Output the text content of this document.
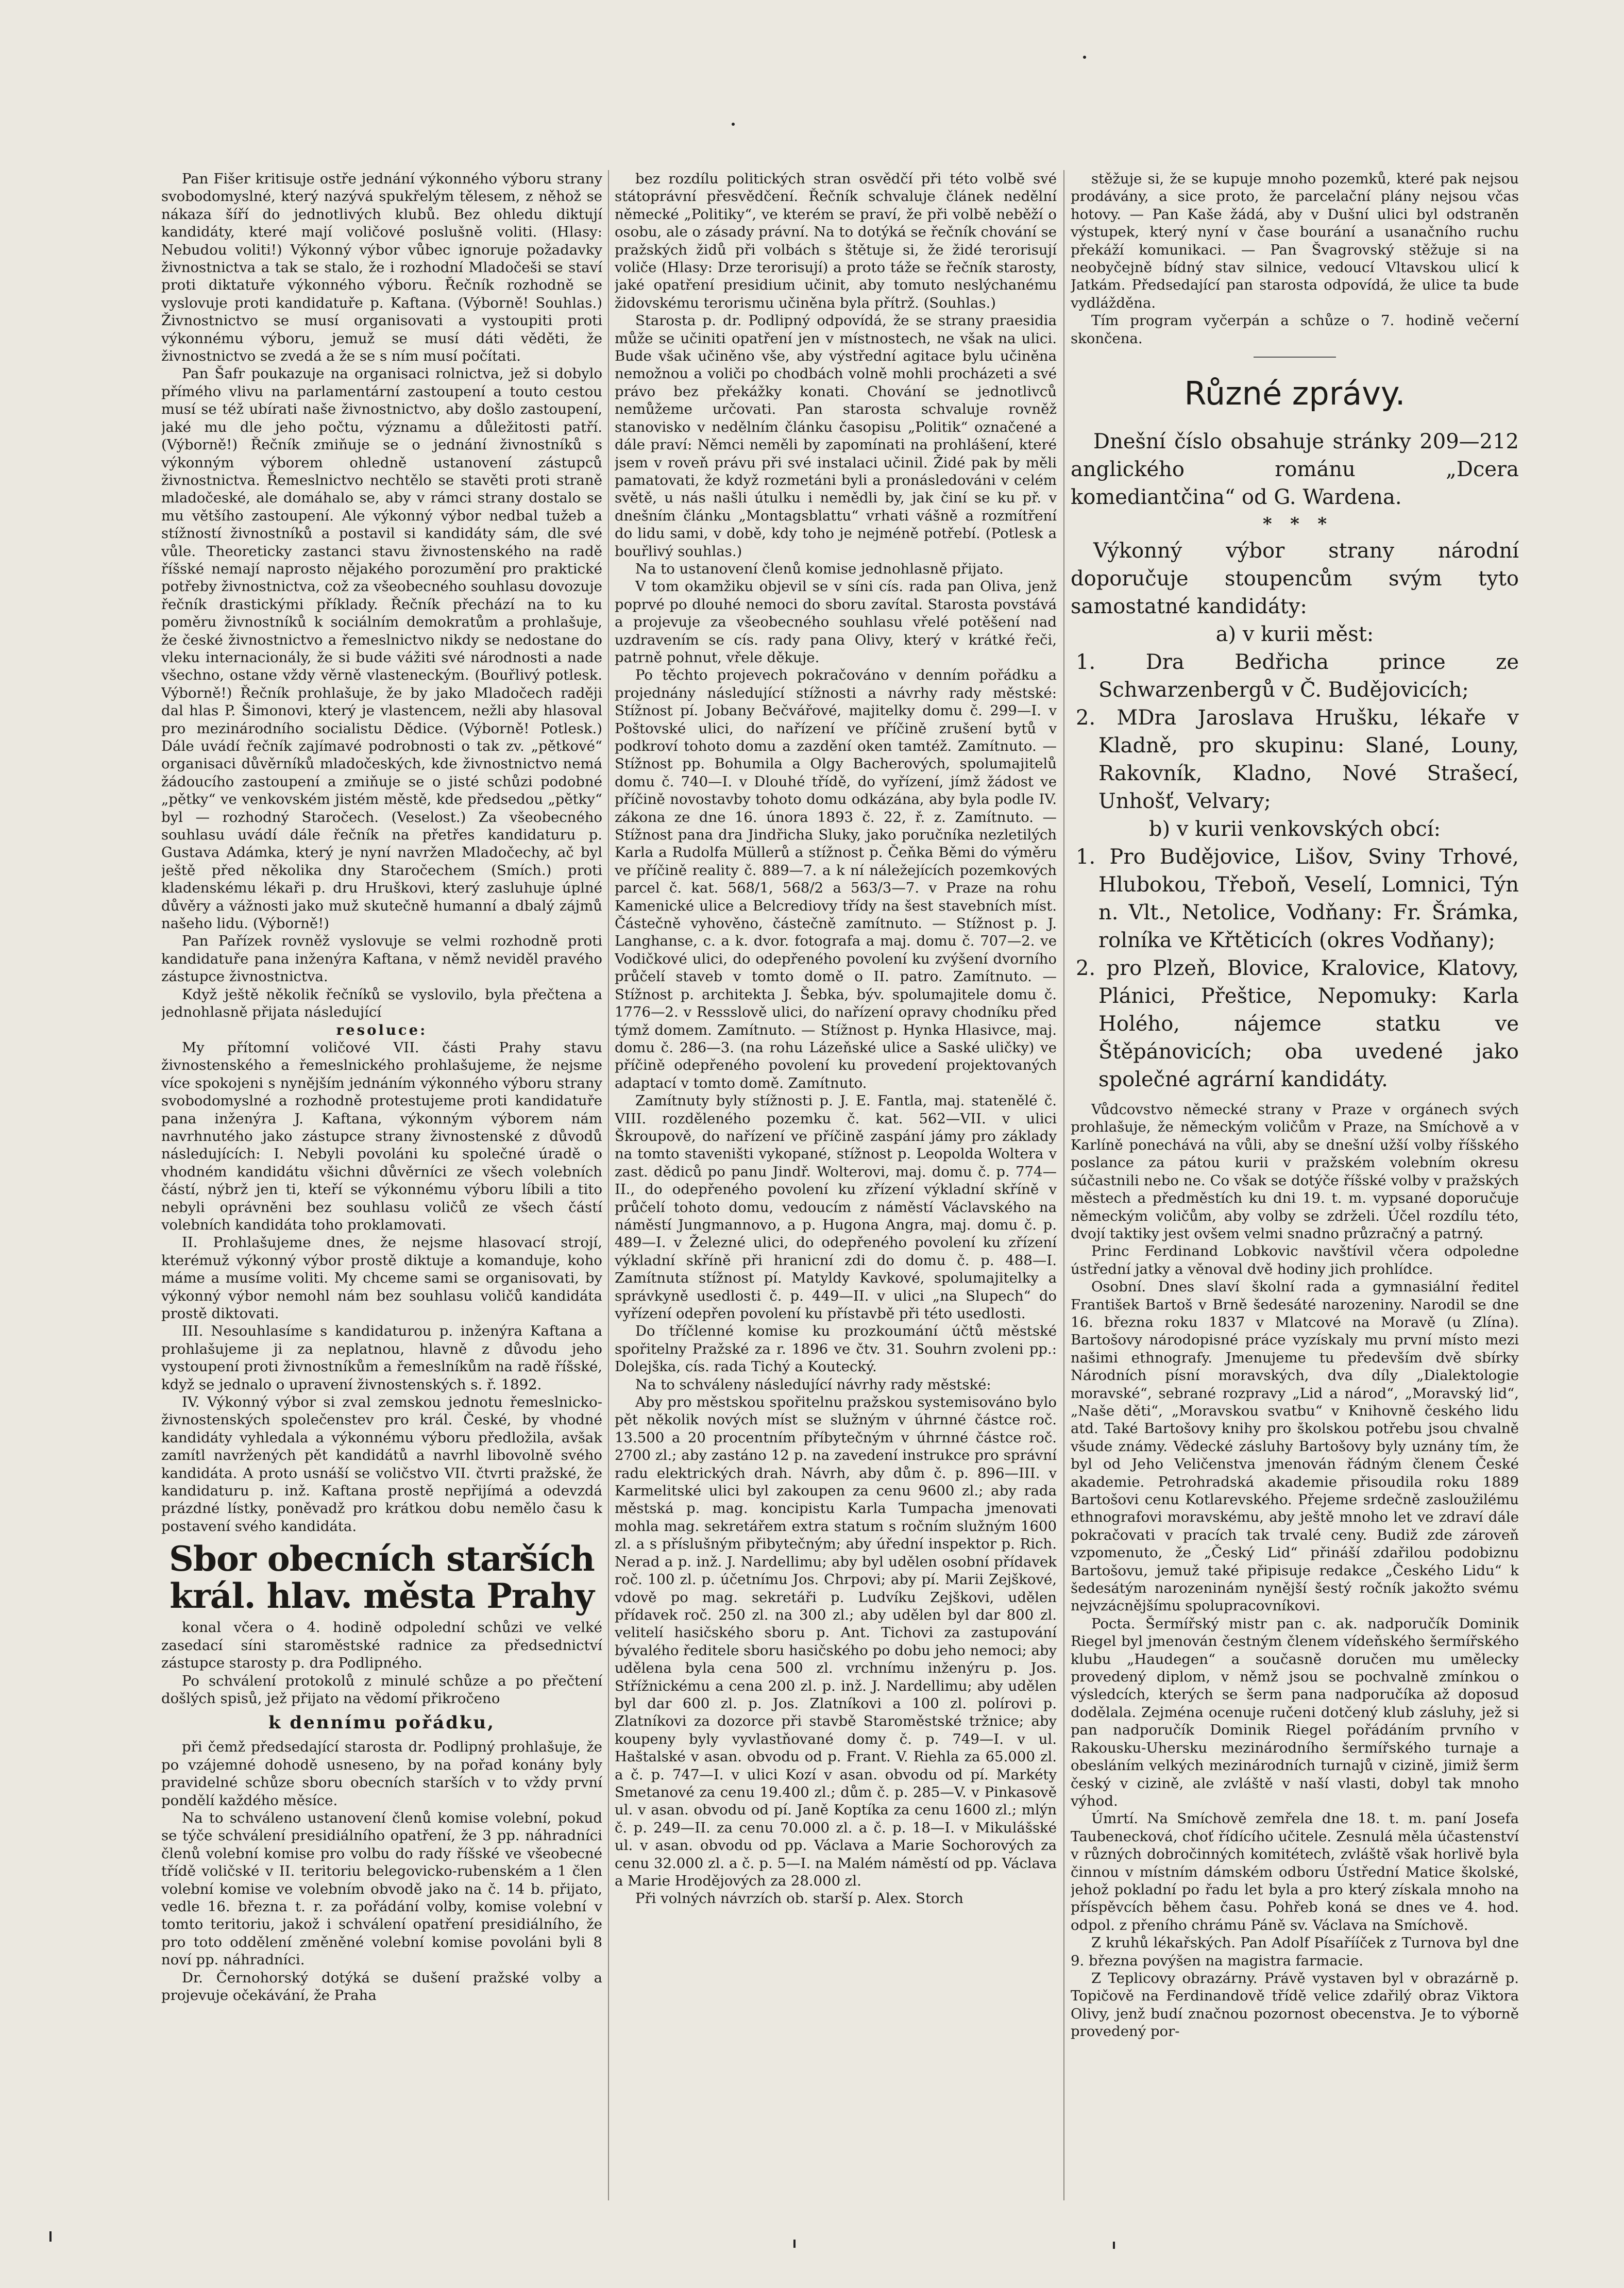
Pan Fišer kritisuje ostře jednání výkonného výboru strany svobodomyslné, který nazývá spukřelým tělesem, z něhož se nákaza šíří do jednotlivých klubů. Bez ohledu diktují kandidáty, které mají voličové poslušně voliti. (Hlasy: Nebudou voliti!) Výkonný výbor vůbec ignoruje požadavky živnostnictva a tak se stalo, že i rozhodní Mladočeši se staví proti diktatuře výkonného výboru. Řečník rozhodně se vyslovuje proti kandidatuře p. Kaftana. (Výborně! Souhlas.) Živnostnictvo se musí organisovati a vystoupiti proti výkonnému výboru, jemuž se musí dáti věděti, že živnostnictvo se zvedá a že se s ním musí počítati.

Pan Šafr poukazuje na organisaci rolnictva, jež si dobylo přímého vlivu na parlamentární zastoupení a touto cestou musí se též ubírati naše živnostnictvo, aby došlo zastoupení, jaké mu dle jeho počtu, významu a důležitosti patří. (Výborně!) Řečník zmiňuje se o jednání živnostníků s výkonným výborem ohledně ustanovení zástupců živnostnictva. Řemeslnictvo nechtělo se stavěti proti straně mladočeské, ale domáhalo se, aby v rámci strany dostalo se mu většího zastoupení. Ale výkonný výbor nedbal tužeb a stížností živnostníků a postavil si kandidáty sám, dle své vůle. Theoreticky zastanci stavu živnostenského na radě říšské nemají naprosto nějakého porozumění pro praktické potřeby živnostnictva, což za všeobecného souhlasu dovozuje řečník drastickými příklady. Řečník přechází na to ku poměru živnostníků k sociálním demokratům a prohlašuje, že české živnostnictvo a řemeslnictvo nikdy se nedostane do vleku internacionály, že si bude vážiti své národnosti a nade všechno, ostane vždy věrně vlasteneckým. (Bouřlivý potlesk. Výborně!) Řečník prohlašuje, že by jako Mladočech raději dal hlas P. Šimonovi, který je vlastencem, nežli aby hlasoval pro mezinárodního socialistu Dědice. (Výborně! Potlesk.) Dále uvádí řečník zajímavé podrobnosti o tak zv. „pětkové“ organisaci důvěrníků mladočeských, kde živnostnictvo nemá žádoucího zastoupení a zmiňuje se o jisté schůzi podobné „pětky“ ve venkovském jistém městě, kde předsedou „pětky“ byl — rozhodný Staročech. (Veselost.) Za všeobecného souhlasu uvádí dále řečník na přetřes kandidaturu p. Gustava Adámka, který je nyní navržen Mladočechy, ač byl ještě před několika dny Staročechem (Smích.) proti kladenskému lékaři p. dru Hruškovi, který zasluhuje úplné důvěry a vážnosti jako muž skutečně humanní a dbalý zájmů našeho lidu. (Výborně!)

Pan Pařízek rovněž vyslovuje se velmi rozhodně proti kandidatuře pana inženýra Kaftana, v němž neviděl pravého zástupce živnostnictva.

Když ještě několik řečníků se vyslovilo, byla přečtena a jednohlasně přijata následující

resoluce:

My přítomní voličové VII. části Prahy stavu živnostenského a řemeslnického prohlašujeme, že nejsme více spokojeni s nynějším jednáním výkonného výboru strany svobodomyslné a rozhodně protestujeme proti kandidatuře pana inženýra J. Kaftana, výkonným výborem nám navrhnutého jako zástupce strany živnostenské z důvodů následujících: I. Nebyli povoláni ku společné úradě o vhodném kandidátu všichni důvěrníci ze všech volebních částí, nýbrž jen ti, kteří se výkonnému výboru líbili a tito nebyli oprávněni bez souhlasu voličů ze všech částí volebních kandidáta toho proklamovati.

II. Prohlašujeme dnes, že nejsme hlasovací strojí, kterémuž výkonný výbor prostě diktuje a komanduje, koho máme a musíme voliti. My chceme sami se organisovati, by výkonný výbor nemohl nám bez souhlasu voličů kandidáta prostě diktovati.

III. Nesouhlasíme s kandidaturou p. inženýra Kaftana a prohlašujeme ji za neplatnou, hlavně z důvodu jeho vystoupení proti živnostníkům a řemeslníkům na radě říšské, když se jednalo o upravení živnostenských s. ř. 1892.

IV. Výkonný výbor si zval zemskou jednotu řemeslnicko-živnostenských společenstev pro král. České, by vhodné kandidáty vyhledala a výkonnému výboru předložila, avšak zamítl navržených pět kandidátů a navrhl libovolně svého kandidáta. A proto usnáší se voličstvo VII. čtvrti pražské, že kandidaturu p. inž. Kaftana prostě nepřijímá a odevzdá prázdné lístky, poněvadž pro krátkou dobu nemělo času k postavení svého kandidáta.

Sbor obecních starších král. hlav. města Prahy

konal včera o 4. hodině odpolední schůzi ve velké zasedací síni staroměstské radnice za předsednictví zástupce starosty p. dra Podlipného.

Po schválení protokolů z minulé schůze a po přečtení došlých spisů, jež přijato na vědomí přikročeno

k dennímu pořádku,

při čemž předsedající starosta dr. Podlipný prohlašuje, že po vzájemné dohodě usneseno, by na pořad konány byly pravidelné schůze sboru obecních starších v to vždy první pondělí každého měsíce.

Na to schváleno ustanovení členů komise volební, pokud se týče schválení presidiálního opatření, že 3 pp. náhradníci členů volební komise pro volbu do rady říšské ve všeobecné třídě voličské v II. teritoriu belegovicko-rubenském a 1 člen volební komise ve volebním obvodě jako na č. 14 b. přijato, vedle 16. března t. r. za pořádání volby, komise volební v tomto teritoriu, jakož i schválení opatření presidiálního, že pro toto oddělení změněné volební komise povoláni byli 8 noví pp. náhradníci.

Dr. Černohorský dotýká se dušení pražské volby a projevuje očekávání, že Praha

bez rozdílu politických stran osvědčí při této volbě své státoprávní přesvědčení. Řečník schvaluje článek nedělní německé „Politiky“, ve kterém se praví, že při volbě neběží o osobu, ale o zásady právní. Na to dotýká se řečník chování se pražských židů při volbách s štětuje si, že židé terorisují voliče (Hlasy: Drze terorisují) a proto táže se řečník starosty, jaké opatření presidium učinit, aby tomuto neslýchanému židovskému terorismu učiněna byla přítrž. (Souhlas.)

Starosta p. dr. Podlipný odpovídá, že se strany praesidia může se učiniti opatření jen v místnostech, ne však na ulici. Bude však učiněno vše, aby výstřední agitace bylu učiněna nemožnou a voliči po chodbách volně mohli procházeti a své právo bez překážky konati. Chování se jednotlivců nemůžeme určovati. Pan starosta schvaluje rovněž stanovisko v nedělním článku časopisu „Politik“ označené a dále praví: Němci neměli by zapomínati na prohlášení, které jsem v roveň právu při své instalaci učinil. Židé pak by měli pamatovati, že když rozmetáni byli a pronásledováni v celém světě, u nás našli útulku i nemědli by, jak činí se ku př. v dnešním článku „Montagsblattu“ vrhati vášně a rozmítření do lidu sami, v době, kdy toho je nejméně potřebí. (Potlesk a bouřlivý souhlas.)

Na to ustanovení členů komise jednohlasně přijato.

V tom okamžiku objevil se v síni cís. rada pan Oliva, jenž poprvé po dlouhé nemoci do sboru zavítal. Starosta povstává a projevuje za všeobecného souhlasu vřelé potěšení nad uzdravením se cís. rady pana Olivy, který v krátké řeči, patrně pohnut, vřele děkuje.

Po těchto projevech pokračováno v denním pořádku a projednány následující stížnosti a návrhy rady městské: Stížnost pí. Jobany Bečvářové, majitelky domu č. 299—I. v Poštovské ulici, do nařízení ve příčině zrušení bytů v podkroví tohoto domu a zazdění oken tamtéž. Zamítnuto. — Stížnost pp. Bohumila a Olgy Bacherových, spolumajitelů domu č. 740—I. v Dlouhé třídě, do vyřízení, jímž žádost ve příčině novostavby tohoto domu odkázána, aby byla podle IV. zákona ze dne 16. února 1893 č. 22, ř. z. Zamítnuto. — Stížnost pana dra Jindřicha Sluky, jako poručníka nezletilých Karla a Rudolfa Müllerů a stížnost p. Čeňka Běmi do výměru ve příčině reality č. 889—7. a k ní náležejících pozemkových parcel č. kat. 568/1, 568/2 a 563/3—7. v Praze na rohu Kamenické ulice a Belcrediovy třídy na šest stavebních míst. Částečně vyhověno, částečně zamítnuto. — Stížnost p. J. Langhanse, c. a k. dvor. fotografa a maj. domu č. 707—2. ve Vodičkové ulici, do odepřeného povolení ku zvýšení dvorního průčelí staveb v tomto domě o II. patro. Zamítnuto. — Stížnost p. architekta J. Šebka, býv. spolumajitele domu č. 1776—2. v Ressslově ulici, do nařízení opravy chodníku před týmž domem. Zamítnuto. — Stížnost p. Hynka Hlasivce, maj. domu č. 286—3. (na rohu Lázeňské ulice a Saské uličky) ve příčině odepřeného povolení ku provedení projektovaných adaptací v tomto domě. Zamítnuto.

Zamítnuty byly stížnosti p. J. E. Fantla, maj. statenělé č. VIII. rozděleného pozemku č. kat. 562—VII. v ulici Škroupově, do nařízení ve příčině zaspání jámy pro základy na tomto staveništi vykopané, stížnost p. Leopolda Woltera v zast. dědiců po panu Jindř. Wolterovi, maj. domu č. p. 774—II., do odepřeného povolení ku zřízení výkladní skříně v průčelí tohoto domu, vedoucím z náměstí Václavského na náměstí Jungmannovo, a p. Hugona Angra, maj. domu č. p. 489—I. v Železné ulici, do odepřeného povolení ku zřízení výkladní skříně při hranicní zdi do domu č. p. 488—I. Zamítnuta stížnost pí. Matyldy Kavkové, spolumajitelky a správkyně usedlosti č. p. 449—II. v ulici „na Slupech“ do vyřízení odepřen povolení ku přístavbě při této usedlosti.

Do tříčlenné komise ku prozkoumání účtů městské spořitelny Pražské za r. 1896 ve čtv. 31. Souhrn zvoleni pp.: Dolejška, cís. rada Tichý a Koutecký.

Na to schváleny následující návrhy rady městské:

Aby pro městskou spořitelnu pražskou systemisováno bylo pět několik nových míst se služným v úhrnné částce roč. 13.500 a 20 procentním příbytečným v úhrnné částce roč. 2700 zl.; aby zastáno 12 p. na zavedení instrukce pro správní radu elektrických drah. Návrh, aby dům č. p. 896—III. v Karmelitské ulici byl zakoupen za cenu 9600 zl.; aby rada městská p. mag. koncipistu Karla Tumpacha jmenovati mohla mag. sekretářem extra statum s ročním služným 1600 zl. a s příslušným přibytečným; aby úřední inspektor p. Rich. Nerad a p. inž. J. Nardellimu; aby byl udělen osobní přídavek roč. 100 zl. p. účetnímu Jos. Chrpovi; aby pí. Marii Zejškové, vdově po mag. sekretáři p. Ludvíku Zejškovi, udělen přídavek roč. 250 zl. na 300 zl.; aby udělen byl dar 800 zl. velitelí hasičského sboru p. Ant. Tichovi za zastupování bývalého ředitele sboru hasičského po dobu jeho nemoci; aby udělena byla cena 500 zl. vrchnímu inženýru p. Jos. Střížnickému a cena 200 zl. p. inž. J. Nardellimu; aby udělen byl dar 600 zl. p. Jos. Zlatníkovi a 100 zl. polírovi p. Zlatníkovi za dozorce při stavbě Staroměstské tržnice; aby koupeny byly vyvlastňované domy č. p. 749—I. v ul. Haštalské v asan. obvodu od p. Frant. V. Riehla za 65.000 zl. a č. p. 747—I. v ulici Kozí v asan. obvodu od pí. Markéty Smetanové za cenu 19.400 zl.; dům č. p. 285—V. v Pinkasově ul. v asan. obvodu od pí. Janě Koptíka za cenu 1600 zl.; mlýn č. p. 249—II. za cenu 70.000 zl. a č. p. 18—I. v Mikulášské ul. v asan. obvodu od pp. Václava a Marie Sochorových za cenu 32.000 zl. a č. p. 5—I. na Malém náměstí od pp. Václava a Marie Hrodějových za 28.000 zl.

Při volných návrzích ob. starší p. Alex. Storch

stěžuje si, že se kupuje mnoho pozemků, které pak nejsou prodávány, a sice proto, že parcelační plány nejsou včas hotovy. — Pan Kaše žádá, aby v Dušní ulici byl odstraněn výstupek, který nyní v čase bourání a usanačního ruchu překáží komunikaci. — Pan Švagrovský stěžuje si na neobyčejně bídný stav silnice, vedoucí Vltavskou ulicí k Jatkám. Předsedající pan starosta odpovídá, že ulice ta bude vydlážděna.

Tím program vyčerpán a schůze o 7. hodině večerní skončena.

Různé zprávy.

Dnešní číslo obsahuje stránky 209—212 anglického románu „Dcera komediantčina“ od G. Wardena.

*   *   *

Výkonný výbor strany národní doporučuje stoupencům svým tyto samostatné kandidáty:

a) v kurii měst:
1. Dra Bedřicha prince ze Schwarzenbergů v Č. Budějovicích;
2. MDra Jaroslava Hrušku, lékaře v Kladně, pro skupinu: Slané, Louny, Rakovník, Kladno, Nové Strašecí, Unhošť, Velvary;
b) v kurii venkovských obcí:
1. Pro Budějovice, Lišov, Sviny Trhové, Hlubokou, Třeboň, Veselí, Lomnici, Týn n. Vlt., Netolice, Vodňany: Fr. Šrámka, rolníka ve Křtěticích (okres Vodňany);
2. pro Plzeň, Blovice, Kralovice, Klatovy, Plánici, Přeštice, Nepomuky: Karla Holého, nájemce statku ve Štěpánovicích; oba uvedené jako společné agrární kandidáty.

Vůdcovstvo německé strany v Praze v orgánech svých prohlašuje, že německým voličům v Praze, na Smíchově a v Karlíně ponechává na vůli, aby se dnešní užší volby říšského poslance za pátou kurii v pražském volebním okresu súčastnili nebo ne. Co však se dotýče říšské volby v pražských městech a předměstích ku dni 19. t. m. vypsané doporučuje německým voličům, aby volby se zdrželi. Účel rozdílu této, dvojí taktiky jest ovšem velmi snadno průzračný a patrný.

Princ Ferdinand Lobkovic navštívil včera odpoledne ústřední jatky a věnoval dvě hodiny jich prohlídce.

Osobní. Dnes slaví školní rada a gymnasiální ředitel František Bartoš v Brně šedesáté narozeniny. Narodil se dne 16. března roku 1837 v Mlatcové na Moravě (u Zlína). Bartošovy národopisné práce vyzískaly mu první místo mezi našimi ethnografy. Jmenujeme tu především dvě sbírky Národních písní moravských, dva díly „Dialektologie moravské“, sebrané rozpravy „Lid a národ“, „Moravský lid“, „Naše děti“, „Moravskou svatbu“ v Knihovně českého lidu atd. Také Bartošovy knihy pro školskou potřebu jsou chvalně všude známy. Vědecké zásluhy Bartošovy byly uznány tím, že byl od Jeho Veličenstva jmenován řádným členem České akademie. Petrohradská akademie přisoudila roku 1889 Bartošovi cenu Kotlarevského. Přejeme srdečně zasloužilému ethnografovi moravskému, aby ještě mnoho let ve zdraví dále pokračovati v pracích tak trvalé ceny. Budiž zde zároveň vzpomenuto, že „Český Lid“ přináší zdařilou podobiznu Bartošovu, jemuž také připisuje redakce „Českého Lidu“ k šedesátým narozeninám nynější šestý ročník jakožto svému nejvzácnějšímu spolupracovníkovi.

Pocta. Šermířský mistr pan c. ak. nadporučík Dominik Riegel byl jmenován čestným členem vídeňského šermířského klubu „Haudegen“ a současně doručen mu umělecky provedený diplom, v němž jsou se pochvalně zmínkou o výsledcích, kterých se šerm pana nadporučíka až doposud dodělala. Zejména ocenuje ručeni dotčený klub zásluhy, jež si pan nadporučík Dominik Riegel pořádáním prvního v Rakousku-Uhersku mezinárodního šermířského turnaje a obesláním velkých mezinárodních turnajů v cizině, jimiž šerm český v cizině, ale zvláště v naší vlasti, dobyl tak mnoho výhod.

Úmrtí. Na Smíchově zemřela dne 18. t. m. paní Josefa Taubenecková, choť řídícího učitele. Zesnulá měla účastenství v různých dobročinných komitétech, zvláště však horlivě byla činnou v místním dámském odboru Ústřední Matice školské, jehož pokladní po řadu let byla a pro který získala mnoho na příspěvcích během času. Pohřeb koná se dnes ve 4. hod. odpol. z přeního chrámu Páně sv. Václava na Smíchově.

Z kruhů lékařských. Pan Adolf Písařííček z Turnova byl dne 9. března povýšen na magistra farmacie.

Z Teplicovy obrazárny. Právě vystaven byl v obrazárně p. Topičově na Ferdinandově třídě velice zdařilý obraz Viktora Olivy, jenž budí značnou pozornost obecenstva. Je to výborně provedený por-
